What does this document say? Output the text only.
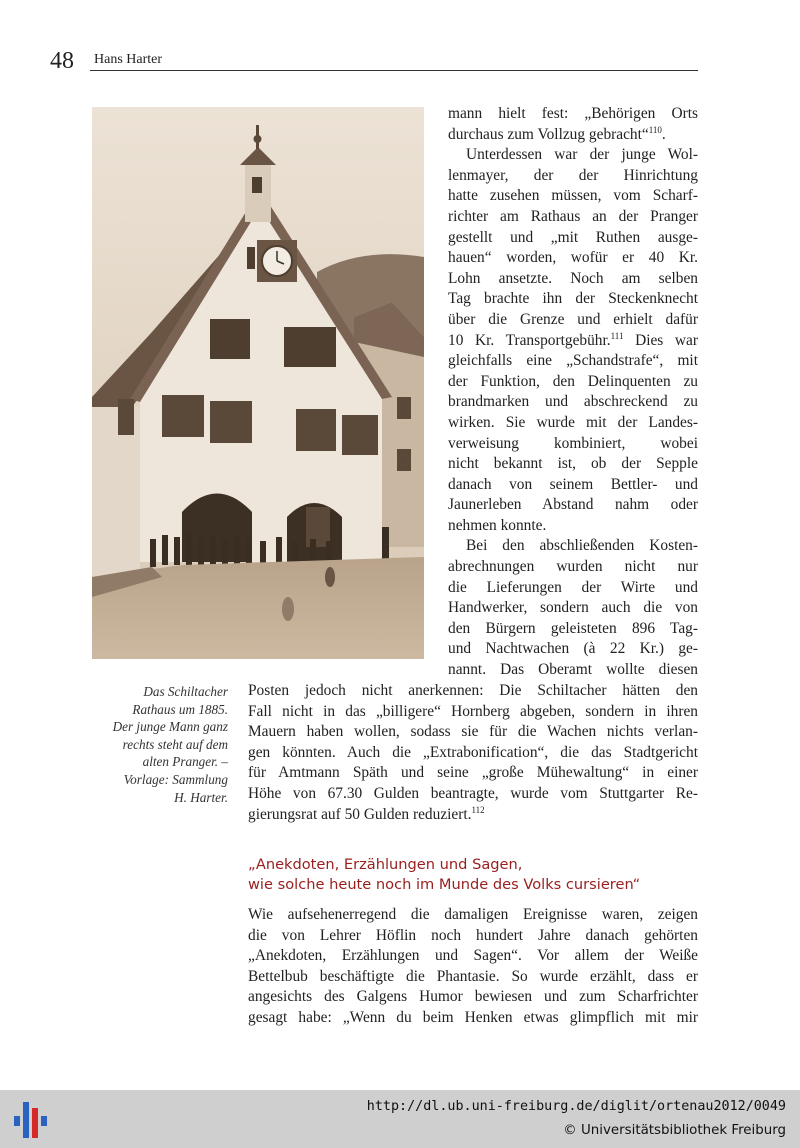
48 Hans Harter
Das Schiltacher
Rathaus um 1885.
Der junge Mann ganz
rechts steht auf dem
alten Pranger. –
Vorlage: Sammlung
H. Harter.
mann hielt fest: „Behörigen Orts
durchaus zum Vollzug gebracht“$^{110}$.
Unterdessen war der junge Wol-
lenmayer, der der Hinrichtung
hatte zusehen müssen, vom Scharf-
richter am Rathaus an der Pranger
gestellt und „mit Ruthen ausge-
hauen“ worden, wofür er 40 Kr.
Lohn ansetzte. Noch am selben
Tag brachte ihn der Steckenknecht
über die Grenze und erhielt dafür
10 Kr. Transportgebühr.$^{111}$ Dies war
gleichfalls eine „Schandstrafe“, mit
der Funktion, den Delinquenten zu
brandmarken und abschreckend zu
wirken. Sie wurde mit der Landes-
verweisung kombiniert, wobei
nicht bekannt ist, ob der Sepple
danach von seinem Bettler- und
Jaunerleben Abstand nahm oder
nehmen konnte.
Bei den abschließenden Kosten-
abrechnungen wurden nicht nur
die Lieferungen der Wirte und
Handwerker, sondern auch die von
den Bürgern geleisteten 896 Tag-
und Nachtwachen (à 22 Kr.) ge-
nannt. Das Oberamt wollte diesen
Posten jedoch nicht anerkennen: Die Schiltacher hätten den
Fall nicht in das „billigere“ Hornberg abgeben, sondern in ihren
Mauern haben wollen, sodass sie für die Wachen nichts verlan-
gen könnten. Auch die „Extrabonification“, die das Stadtgericht
für Amtmann Späth und seine „große Mühewaltung“ in einer
Höhe von 67.30 Gulden beantragte, wurde vom Stuttgarter Re-
gierungsrat auf 50 Gulden reduziert.$^{112}$
„Anekdoten, Erzählungen und Sagen,
wie solche heute noch im Munde des Volks cursieren“
Wie aufsehenerregend die damaligen Ereignisse waren, zeigen
die von Lehrer Höflin noch hundert Jahre danach gehörten
„Anekdoten, Erzählungen und Sagen“. Vor allem der Weiße
Bettelbub beschäftigte die Phantasie. So wurde erzählt, dass er
angesichts des Galgens Humor bewiesen und zum Scharfrichter
gesagt habe: „Wenn du beim Henken etwas glimpflich mit mir
http://dl.ub.uni-freiburg.de/diglit/ortenau2012/0049
© Universitätsbibliothek Freiburg
